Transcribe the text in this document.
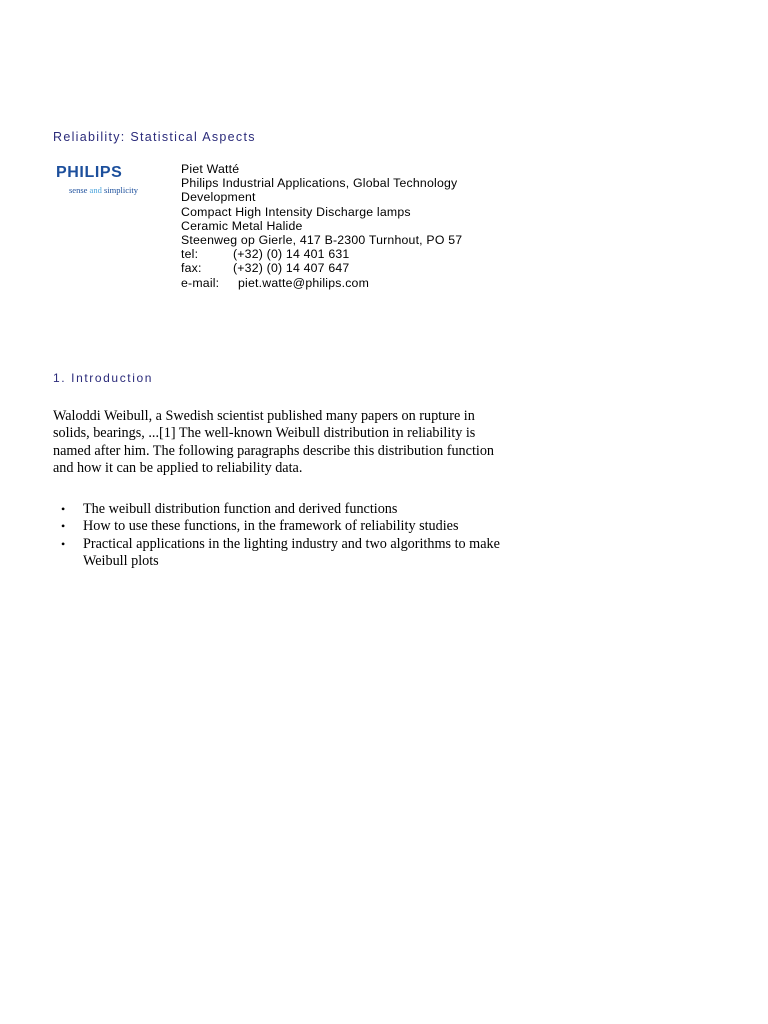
Reliability: Statistical Aspects
PHILIPS
sense and simplicity
Piet Watté
Philips Industrial Applications, Global Technology
Development
Compact High Intensity Discharge lamps
Ceramic Metal Halide
Steenweg op Gierle, 417 B-2300 Turnhout, PO 57
tel:	(+32) (0) 14 401 631
fax:	(+32) (0) 14 407 647
e-mail: piet.watte@philips.com
1. Introduction
Waloddi Weibull, a Swedish scientist published many papers on rupture in solids, bearings, ...[1] The well-known Weibull distribution in reliability is named after him. The following paragraphs describe this distribution function and how it can be applied to reliability data.
• The weibull distribution function and derived functions
• How to use these functions, in the framework of reliability studies
• Practical applications in the lighting industry and two algorithms to make Weibull plots
